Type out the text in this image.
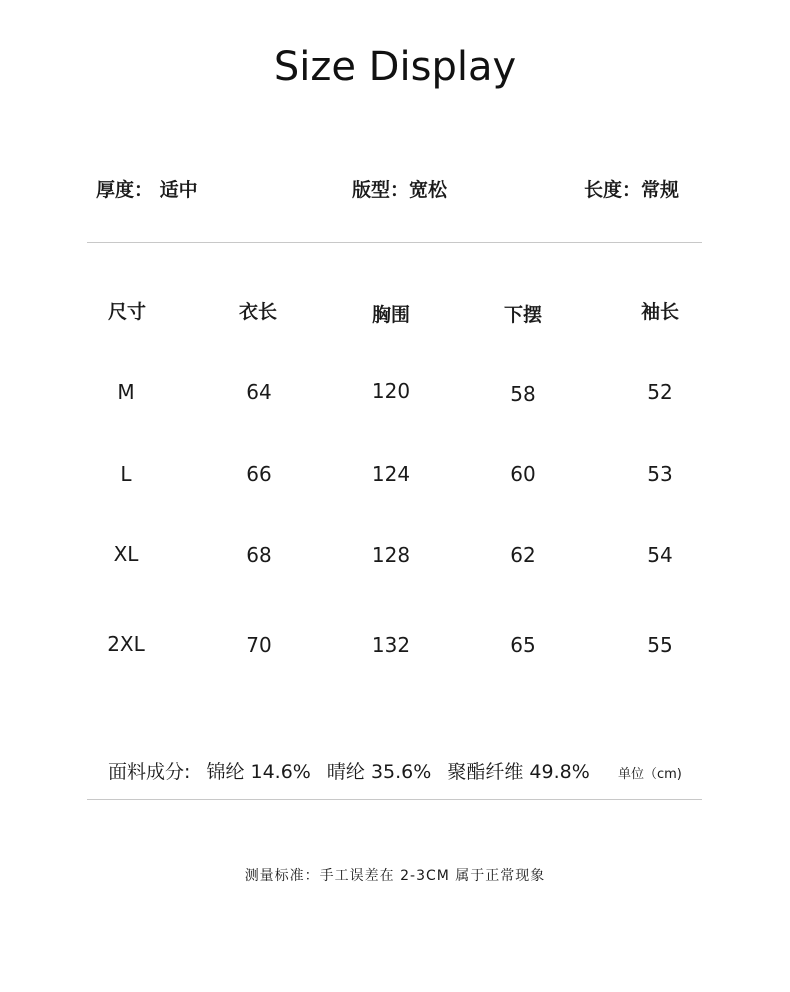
Size Display
厚度： 适中	版型：宽松	长度：常规
尺寸	衣长	胸围	下摆	袖长
M	64	120	58	52
L	66	124	60	53
XL	68	128	62	54
2XL	70	132	65	55
面料成分: 锦纶 14.6% 晴纶 35.6% 聚酯纤维 49.8%	单位（cm)
测量标准：手工误差在 2-3CM 属于正常现象
